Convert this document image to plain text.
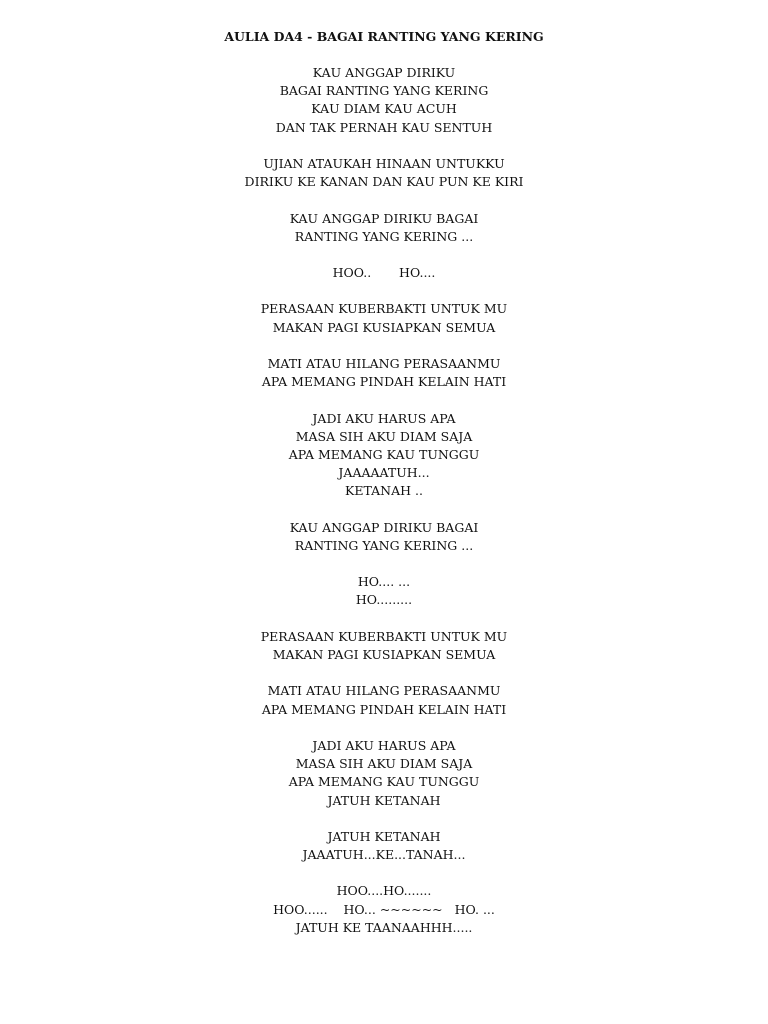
AULIA DA4 - BAGAI RANTING YANG KERING
KAU ANGGAP DIRIKU
BAGAI RANTING YANG KERING
KAU DIAM KAU ACUH
DAN TAK PERNAH KAU SENTUH
UJIAN ATAUKAH HINAAN UNTUKKU
DIRIKU KE KANAN DAN KAU PUN KE KIRI
KAU ANGGAP DIRIKU BAGAI
RANTING YANG KERING ...
HOO..       HO....
PERASAAN KUBERBAKTI UNTUK MU
MAKAN PAGI KUSIAPKAN SEMUA
MATI ATAU HILANG PERASAANMU
APA MEMANG PINDAH KELAIN HATI
JADI AKU HARUS APA
MASA SIH AKU DIAM SAJA
APA MEMANG KAU TUNGGU
JAAAAATUH...
KETANAH ..
KAU ANGGAP DIRIKU BAGAI
RANTING YANG KERING ...
HO.... ...
HO.........
PERASAAN KUBERBAKTI UNTUK MU
MAKAN PAGI KUSIAPKAN SEMUA
MATI ATAU HILANG PERASAANMU
APA MEMANG PINDAH KELAIN HATI
JADI AKU HARUS APA
MASA SIH AKU DIAM SAJA
APA MEMANG KAU TUNGGU
JATUH KETANAH
JATUH KETANAH
JAAATUH...KE...TANAH...
HOO....HO.......
HOO......    HO... ~~~~~~   HO. ...
JATUH KE TAANAAHHH.....
